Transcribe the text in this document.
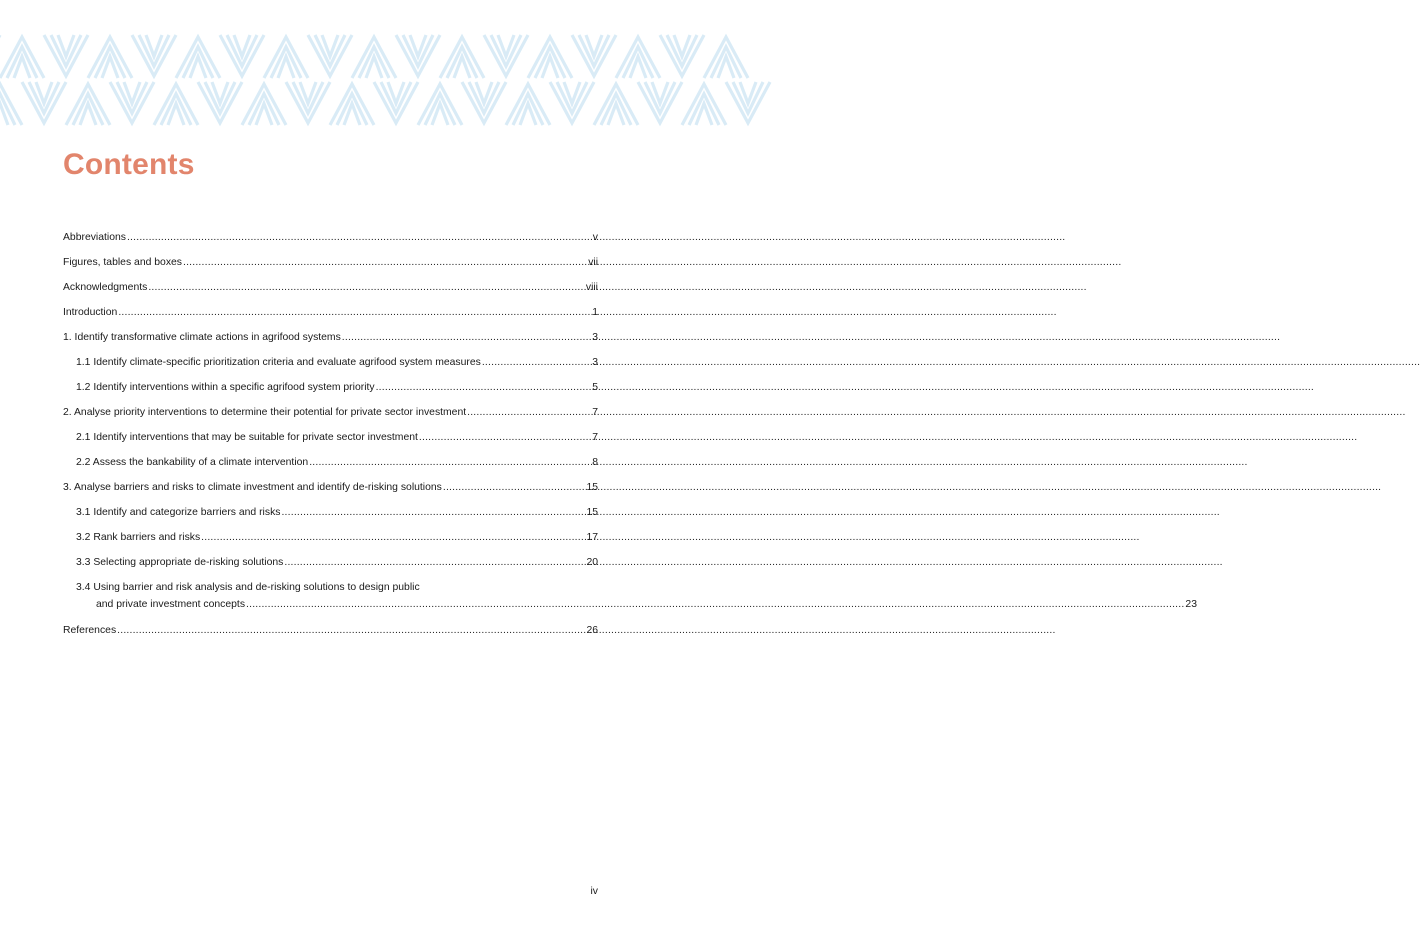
Contents
Abbreviations .....	v
Figures, tables and boxes .....	vii
Acknowledgments .....	viii
Introduction .....	1
1. Identify transformative climate actions in agrifood systems .....	3
1.1 Identify climate-specific prioritization criteria and evaluate agrifood system measures .....	3
1.2 Identify interventions within a specific agrifood system priority .....	5
2. Analyse priority interventions to determine their potential for private sector investment .....	7
2.1 Identify interventions that may be suitable for private sector investment .....	7
2.2 Assess the bankability of a climate intervention .....	8
3. Analyse barriers and risks to climate investment and identify de-risking solutions .....	15
3.1 Identify and categorize barriers and risks .....	15
3.2 Rank barriers and risks .....	17
3.3 Selecting appropriate de-risking solutions .....	20
3.4 Using barrier and risk analysis and de-risking solutions to design public
and private investment concepts .....	23
References .....	26
iv
